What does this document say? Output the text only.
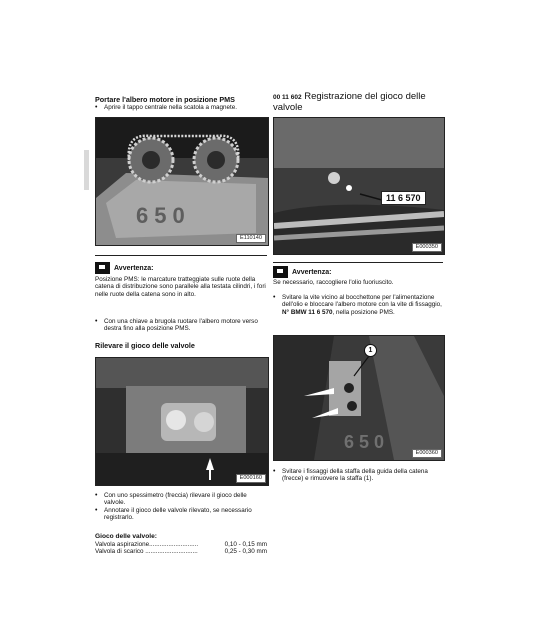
Portare l'albero motore in posizione PMS
• Aprire il tappo centrale nella scatola a magnete.
650
E110140
Avvertenza:
Posizione PMS: le marcature tratteggiate sulle ruote della catena di distribuzione sono parallele alla testata cilindri, i fori nelle ruote della catena sono in alto.
• Con una chiave a brugola ruotare l'albero motore verso destra fino alla posizione PMS.
Rilevare il gioco delle valvole
E000160
• Con uno spessimetro (freccia) rilevare il gioco delle valvole.
• Annotare il gioco delle valvole rilevato, se necessario registrarlo.
Gioco delle valvole:
Valvola aspirazione............................	0,10 - 0,15 mm
Valvola di scarico ..............................	0,25 - 0,30 mm
00 11 602 Registrazione del gioco delle valvole
11 6 570
E000350
Avvertenza:
Se necessario, raccogliere l'olio fuoriuscito.
• Svitare la vite vicino al bocchettone per l'alimentazione dell'olio e bloccare l'albero motore con la vite di fissaggio, N° BMW 11 6 570, nella posizione PMS.
650
1
E000360
• Svitare i fissaggi della staffa della guida della catena (frecce) e rimuovere la staffa (1).
